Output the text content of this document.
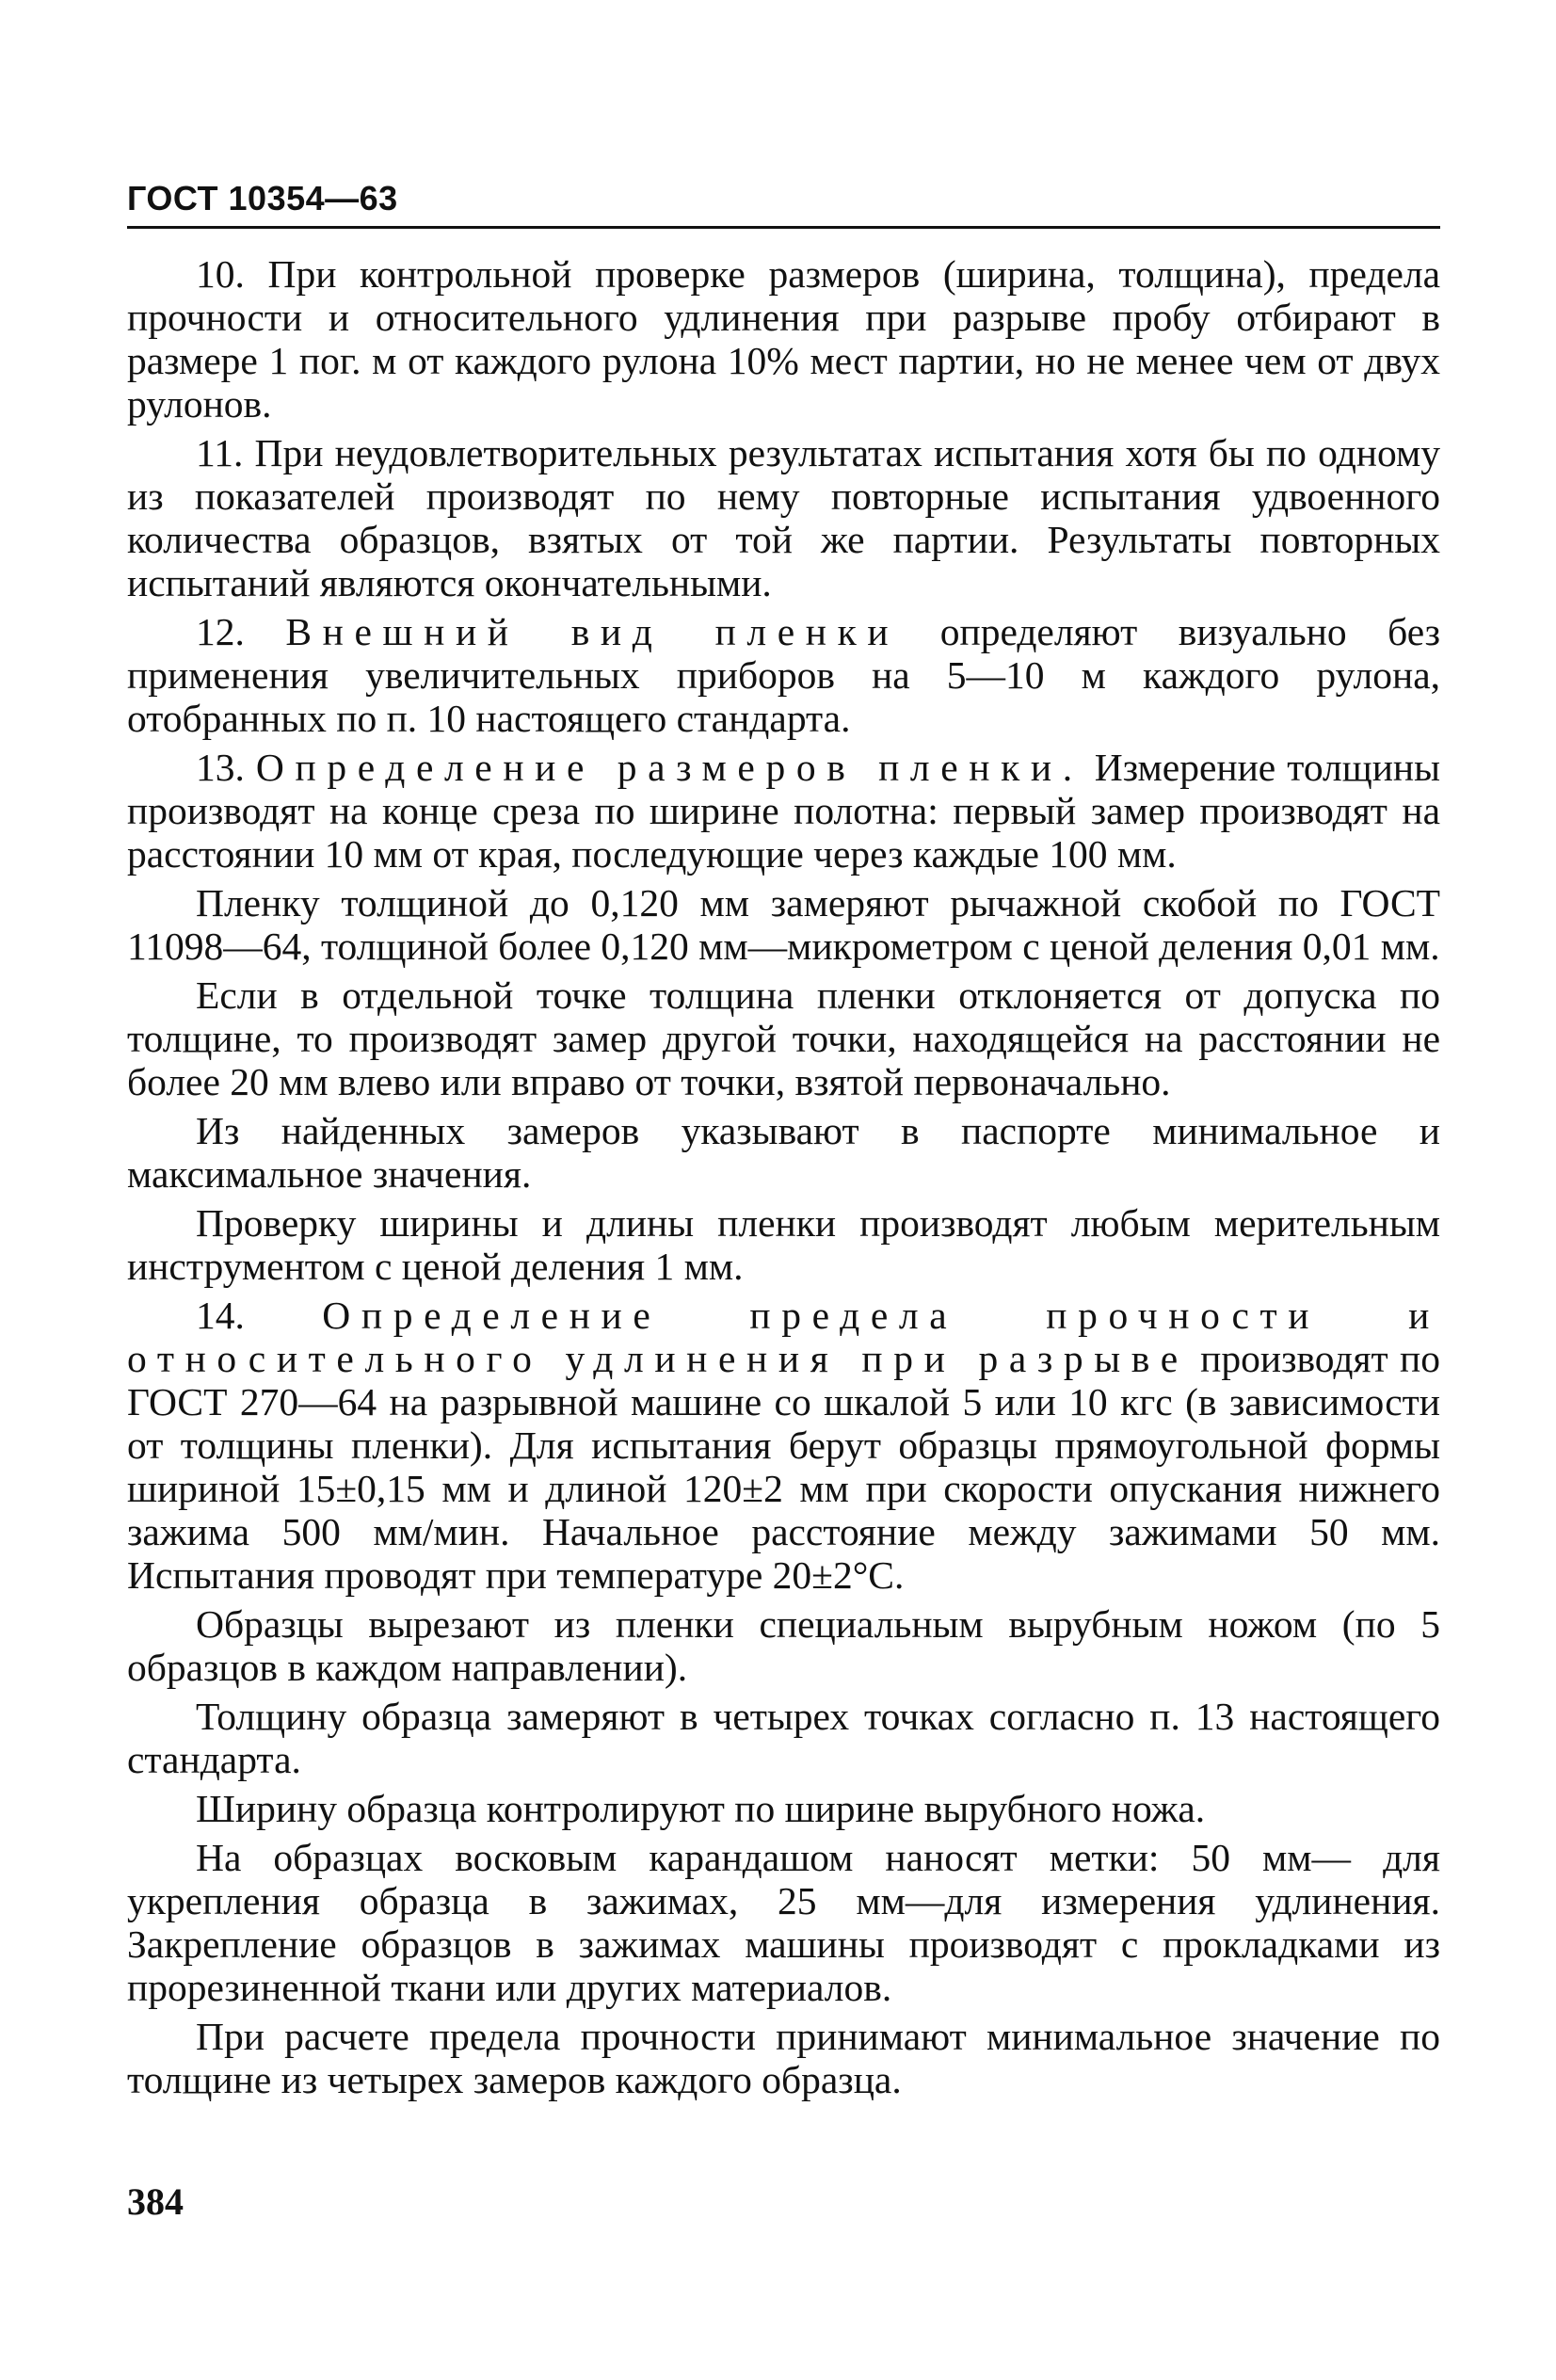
ГОСТ 10354—63

10. При контрольной проверке размеров (ширина, толщина), предела прочности и относительного удлинения при разрыве пробу отбирают в размере 1 пог. м от каждого рулона 10% мест партии, но не менее чем от двух рулонов.

11. При неудовлетворительных результатах испытания хотя бы по одному из показателей производят по нему повторные испытания удвоенного количества образцов, взятых от той же партии. Результаты повторных испытаний являются окончательными.

12. Внешний вид пленки определяют визуально без применения увеличительных приборов на 5—10 м каждого рулона, отобранных по п. 10 настоящего стандарта.

13. Определение размеров пленки. Измерение толщины производят на конце среза по ширине полотна: первый замер производят на расстоянии 10 мм от края, последующие через каждые 100 мм.

Пленку толщиной до 0,120 мм замеряют рычажной скобой по ГОСТ 11098—64, толщиной более 0,120 мм—микрометром с ценой деления 0,01 мм.

Если в отдельной точке толщина пленки отклоняется от допуска по толщине, то производят замер другой точки, находящейся на расстоянии не более 20 мм влево или вправо от точки, взятой первоначально.

Из найденных замеров указывают в паспорте минимальное и максимальное значения.

Проверку ширины и длины пленки производят любым мерительным инструментом с ценой деления 1 мм.

14. Определение предела прочности и относительного удлинения при разрыве производят по ГОСТ 270—64 на разрывной машине со шкалой 5 или 10 кгс (в зависимости от толщины пленки). Для испытания берут образцы прямоугольной формы шириной 15±0,15 мм и длиной 120±2 мм при скорости опускания нижнего зажима 500 мм/мин. Начальное расстояние между зажимами 50 мм. Испытания проводят при температуре 20±2°С.

Образцы вырезают из пленки специальным вырубным ножом (по 5 образцов в каждом направлении).

Толщину образца замеряют в четырех точках согласно п. 13 настоящего стандарта.

Ширину образца контролируют по ширине вырубного ножа.

На образцах восковым карандашом наносят метки: 50 мм— для укрепления образца в зажимах, 25 мм—для измерения удлинения. Закрепление образцов в зажимах машины производят с прокладками из прорезиненной ткани или других материалов.

При расчете предела прочности принимают минимальное значение по толщине из четырех замеров каждого образца.

384
